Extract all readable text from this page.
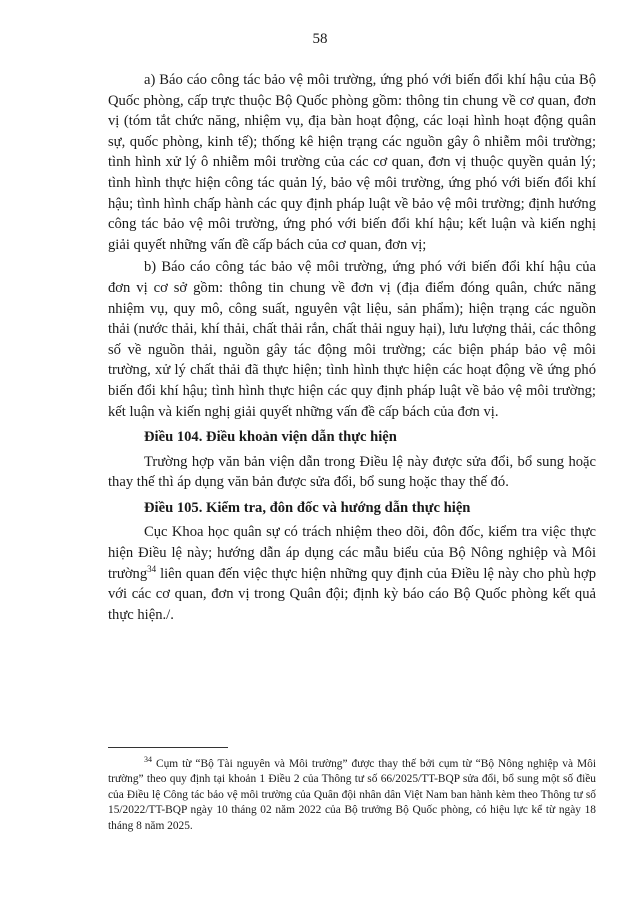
58

a) Báo cáo công tác bảo vệ môi trường, ứng phó với biến đổi khí hậu của Bộ Quốc phòng, cấp trực thuộc Bộ Quốc phòng gồm: thông tin chung về cơ quan, đơn vị (tóm tắt chức năng, nhiệm vụ, địa bàn hoạt động, các loại hình hoạt động quân sự, quốc phòng, kinh tế); thống kê hiện trạng các nguồn gây ô nhiễm môi trường; tình hình xử lý ô nhiễm môi trường của các cơ quan, đơn vị thuộc quyền quản lý; tình hình thực hiện công tác quản lý, bảo vệ môi trường, ứng phó với biến đổi khí hậu; tình hình chấp hành các quy định pháp luật về bảo vệ môi trường; định hướng công tác bảo vệ môi trường, ứng phó với biến đổi khí hậu; kết luận và kiến nghị giải quyết những vấn đề cấp bách của cơ quan, đơn vị;

b) Báo cáo công tác bảo vệ môi trường, ứng phó với biến đổi khí hậu của đơn vị cơ sở gồm: thông tin chung về đơn vị (địa điểm đóng quân, chức năng nhiệm vụ, quy mô, công suất, nguyên vật liệu, sản phẩm); hiện trạng các nguồn thải (nước thải, khí thải, chất thải rắn, chất thải nguy hại), lưu lượng thải, các thông số về nguồn thải, nguồn gây tác động môi trường; các biện pháp bảo vệ môi trường, xử lý chất thải đã thực hiện; tình hình thực hiện các hoạt động về ứng phó biến đổi khí hậu; tình hình thực hiện các quy định pháp luật về bảo vệ môi trường; kết luận và kiến nghị giải quyết những vấn đề cấp bách của đơn vị.

Điều 104. Điều khoản viện dẫn thực hiện

Trường hợp văn bản viện dẫn trong Điều lệ này được sửa đổi, bổ sung hoặc thay thế thì áp dụng văn bản được sửa đổi, bổ sung hoặc thay thế đó.

Điều 105. Kiểm tra, đôn đốc và hướng dẫn thực hiện

Cục Khoa học quân sự có trách nhiệm theo dõi, đôn đốc, kiểm tra việc thực hiện Điều lệ này; hướng dẫn áp dụng các mẫu biểu của Bộ Nông nghiệp và Môi trường$^{34}$ liên quan đến việc thực hiện những quy định của Điều lệ này cho phù hợp với các cơ quan, đơn vị trong Quân đội; định kỳ báo cáo Bộ Quốc phòng kết quả thực hiện./.

$^{34}$ Cụm từ “Bộ Tài nguyên và Môi trường” được thay thế bởi cụm từ “Bộ Nông nghiệp và Môi trường” theo quy định tại khoản 1 Điều 2 của Thông tư số 66/2025/TT-BQP sửa đổi, bổ sung một số điều của Điều lệ Công tác bảo vệ môi trường của Quân đội nhân dân Việt Nam ban hành kèm theo Thông tư số 15/2022/TT-BQP ngày 10 tháng 02 năm 2022 của Bộ trưởng Bộ Quốc phòng, có hiệu lực kể từ ngày 18 tháng 8 năm 2025.
